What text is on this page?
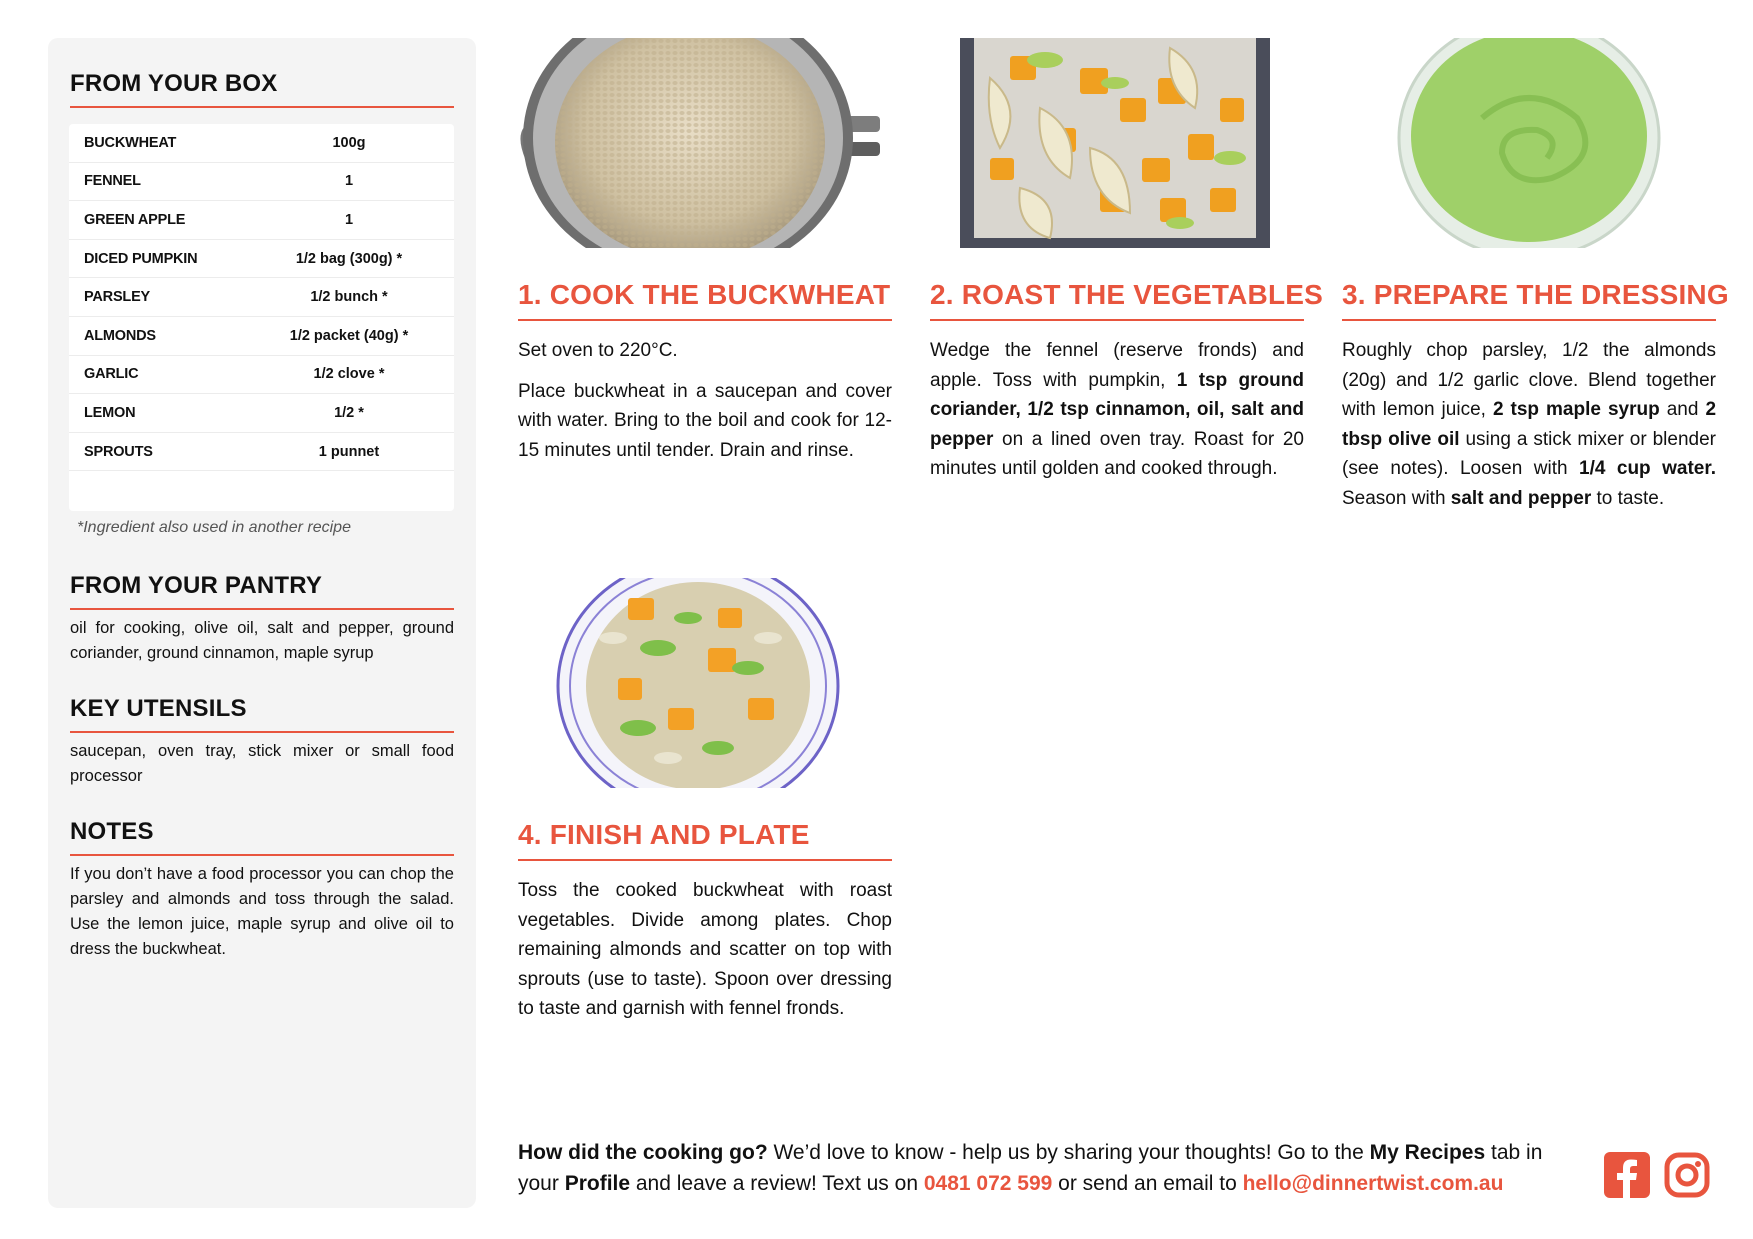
FROM YOUR BOX
BUCKWHEAT	100g
FENNEL	1
GREEN APPLE	1
DICED PUMPKIN	1/2 bag (300g) *
PARSLEY	1/2 bunch *
ALMONDS	1/2 packet (40g) *
GARLIC	1/2 clove *
LEMON	1/2 *
SPROUTS	1 punnet
*Ingredient also used in another recipe
FROM YOUR PANTRY
oil for cooking, olive oil, salt and pepper, ground coriander, ground cinnamon, maple syrup
KEY UTENSILS
saucepan, oven tray, stick mixer or small food processor
NOTES
If you don’t have a food processor you can chop the parsley and almonds and toss through the salad. Use the lemon juice, maple syrup and olive oil to dress the buckwheat.
1. COOK THE BUCKWHEAT

Set oven to 220°C.

Place buckwheat in a saucepan and cover with water. Bring to the boil and cook for 12-15 minutes until tender. Drain and rinse.

2. ROAST THE VEGETABLES

Wedge the fennel (reserve fronds) and apple. Toss with pumpkin, 1 tsp ground coriander, 1/2 tsp cinnamon, oil, salt and pepper on a lined oven tray. Roast for 20 minutes until golden and cooked through.

3. PREPARE THE DRESSING

Roughly chop parsley, 1/2 the almonds (20g) and 1/2 garlic clove. Blend together with lemon juice, 2 tsp maple syrup and 2 tbsp olive oil using a stick mixer or blender (see notes). Loosen with 1/4 cup water. Season with salt and pepper to taste.

4. FINISH AND PLATE

Toss the cooked buckwheat with roast vegetables. Divide among plates. Chop remaining almonds and scatter on top with sprouts (use to taste). Spoon over dressing to taste and garnish with fennel fronds.

How did the cooking go? We’d love to know - help us by sharing your thoughts! Go to the My Recipes tab in your Profile and leave a review! Text us on 0481 072 599 or send an email to hello@dinnertwist.com.au
